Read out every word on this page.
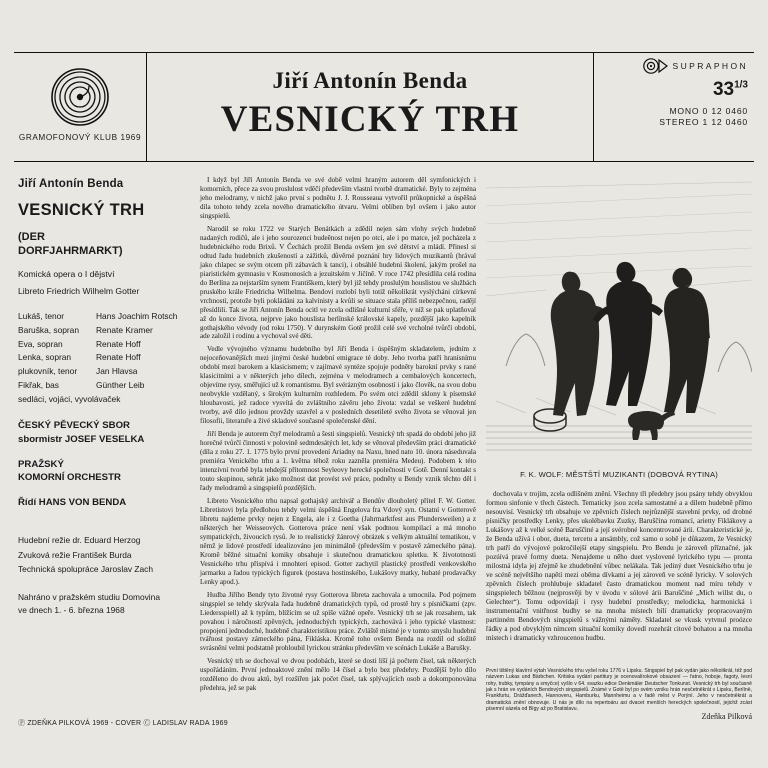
GRAMOFONOVÝ KLUB 1969
Jiří Antonín Benda
VESNICKÝ TRH
SUPRAPHON
$33^{1/3}$
MONO 0 12 0460
STEREO 1 12 0460
Jiří Antonín Benda
VESNICKÝ TRH
(DER
DORFJAHRMARKT)
Komická opera o I dějství
Libreto Friedrich Wilhelm Gotter
Lukáš, tenor	Hans Joachim Rotsch
Baruška, sopran	Renate Kramer
Eva, sopran	Renate Hoff
Lenka, sopran	Renate Hoff
plukovník, tenor	Jan Hlavsa
Fikřak, bas	Günther Leib
sedláci, vojáci, vyvolávaček
ČESKÝ PĚVECKÝ SBOR
sbormistr JOSEF VESELKA
PRAŽSKÝ
KOMORNÍ ORCHESTR
Řídí HANS VON BENDA
Hudební režie dr. Eduard Herzog
Zvuková režie František Burda
Technická spolupráce Jaroslav Zach
Nahráno v pražském studiu Domovina
ve dnech 1. - 6. března 1968
Ⓟ ZDEŇKA PILKOVÁ 1969 - COVER Ⓒ LADISLAV RADA 1969

I když byl Jiří Antonín Benda ve své době velmi hraným autorem děl symfonických i komorních, přece za svou proslulost vděčí především vlastní tvorbě dramatické. Byly to zejména jeho melodramy, v nichž jako první s podnětu J. J. Rousseaua vytvořil průkopnické a úspěšná díla tohoto tehdy zcela nového dramatického útvaru. Velmi oblíben byl ovšem i jako autor singspielů.

Narodil se roku 1722 ve Starých Benátkách a zdědil nejen sám vlohy svých hudebně nadaných rodičů, ale i jeho sourozenci budeěnost nejen po otci, ale i po matce, jež pocházela z hudebnického rodu Brixů. V Čechách prožil Benda ovšem jen své dětství a mládí. Přinesl si odtud řadu hudebních zkušeností a zážitků, důvěrné poznání hry lidových muzikantů (hrával jako chlapec se svým otcem při zábavách k tanci), i obsáhlé hudební školení, jakým prošel na piaristickém gymnasiu v Kosmonosích a jezuitském v Jičíně. V roce 1742 přesídlila celá rodina do Berlína za nejstarším synem Františkem, který byl již tehdy proslulým houslistou ve službách pruského krále Friedricha Wilhelma. Bendovi rozlobí byli totiž několikrát vyslýcháni církevní vrchností, protože byli pokládáni za kalvinisty a kvůli se situace stala příliš nebezpečnou, radějí přesídlili. Tak se Jiří Antonín Benda ocitl ve zcela odlišné kulturní sféře, v níž se pak uplatňoval až do konce života, nejprve jako houslista berlínské královské kapely, pozdější jako kapelník gothajského vévody (od roku 1750). V durynském Gotě prožil celé své vrcholné tvůrčí období, ade založil i rodinu a vychoval své děti.

Vedle vývojného významu hudebního byl Jiří Benda i úspěšným skladatelem, jedním z nejoceňovanějších mezi jinými české hudební emigrace té doby. Jeho tvorba patří hranísnímu období mezi barokem a klasicismem; v zajímavé syntéze spojuje podněty barokní prvky s rané klasicitními a v některých jeho dílech, zejména v melodramech a cembalových koncertech, objevíme rysy, směřující už k romantismu. Byl svérázným osobností i jako člověk, na svou dobu neobvykle vzdělaný, s širokým kulturním rozhledem. Po svém otci zdědil sklony k písemské hloubavosti, jež radoce vysvítá do zvláštního závěru jeho života: vzdal se veškeré hudební tvorby, avě dílo jednou provždy uzavřel a v posledních desetileté svého života se věnoval jen filosofii, literatuře a živé skladové současné společenské dění.

Jiří Benda je autorem čtyř melodramů a šesti singspielů. Vesnický trh spadá do období jeho již horečné tvůrčí činnosti v polovině sedmdesátých let, kdy se věnoval především práci dramatické (díla z roku 27. 1. 1775 bylo první provedení Ariadny na Naxu, hned nato 10. února náseduvala premiéra Venického trhu a 1. května téhož roku zazněla premiéra Medeu). Podobem k této intenzívní tvorbě byla tehdejší přítomnost Seyleovy herecké společnosti v Gotě. Denní kontakt s touto skupinou, sehrát jako možnost dat provést své práce, podněty u Bendy vznik těchto děl i řady melodramů a singspielů pozdějších.

Libreto Vesnického trhu napsal gothajský archivář a Bendův dlouholetý přítel F. W. Gotter. Libretistovi byla předlohou tehdy velmi úspěšná Engelova fra Vdový syn. Ostatní v Gotterově libretu najdeme prvky nejen z Engela, ale i z Goetha (Jahrmarktfest aus Plundersweilen) a z některých her Weisseových. Gotterova práce není však podtnou kompilací a má mnoho sympatických, živoucích rysů. Je to realistický žánrový obrázek s velkým aktuální tematikou, v němž je lidové prostředí idealizováno jen minimálně (především v postavě zámeckého pána). Kromě běžné situační komiky obsahuje i skutečnou dramatickou spletku. K živototnosti Vesnického trhu přispívá i mnohteri episod. Gotter zachytil plastický prostředí venkovského jarmarku a řadou typických figurek (postava hostinského, Lukášovy matky, hubaté prodavačky Lenky apod.).

Hudba Jiřího Bendy tyto životné rysy Gotterova libreta zachovala a umocnila. Pod pojmem singspiel se tehdy skrývala řada hudebně dramatických typů, od prostě hry s písničkami (zpv. Liedersspiell) až k typům, blížícím se už spíše vážné opeře. Vesnický trh se jak rozsahem, tak povahou i náročností zpěvných, jednoduchých typických, zachovává i jeho typické vlastnost: propojení jednoduché, hudebně charakteristikou práce. Zvláště místné je v tomto smyslu hudební tvářnost postavy zámeckého pána, Fikláska. Kromě toho ovšem Benda na rozdíl od složitě svrásnění velmi podstatně prohloubil lyrickou stránku především ve scénách Lukáše a Barušky.

Vesnický trh se dochoval ve dvou podobách, které se dosti líší já počtem čísel, tak některých uspořádáním. První jednoaktové znění mělo 14 čísel a bylo bez předehry. Pozdější bylo dílo rozděleno do dvou aktů, byl rozšířen jak počet čísel, tak splývajících osob a dokomponována předehra, jež se pak

F. K. WOLF: MĚSTŠTÍ MUZIKANTI (DOBOVÁ RYTINA)

dochovala v trojím, zcela odlišném znění. Všechny tři předehry jsou psány tehdy obvyklou formou sinfonie v třech částech. Tematicky jsou zcela samostatné a a dílem hudebně přímo nesouvisí. Vesnický trh obsahuje ve zpěvních číslech nejrůznější stavební prvky, od drobné písničky prostředky Lenky, přes ukolébavku Zuzky, Baruščina romancí, arietty Fiklákovy a Lukášovy až k velké scéně Baruščiné a její svérobné koncentrované árii. Charakteristické je, že Benda užívá i obor, dueta, tercetu a ansámbly, což samo o sobě je důkazem, že Vesnický trh patří do vývojové pokročilejší etapy singspielu. Pro Bendu je zároveň příznačné, jak pozúívá pravé formy dueta. Nenajdeme u něho duet vyslovené lyrického typu — pronta milostná idyla jej zřejmě ke zhudebnění vůbec nelákala. Tak jediný duet Vesnického trhu je ve scéně největšího napětí mezi oběma dívkami a jej zároveň ve scéně lyricky. V solových zpěvních číslech prohlubuje skladatel často dramatickou moment nad míru tehdy v singspielech běžnou (nejprosvěji by v úvodu v sólové árii Baruščiné „Mich willst du, o Gelechter“). Tomu odpovídají i rysy hudební prostředky; melodicka, harmonická i instrumentační vnitřnost budhy se na mnoha místech bílí dramaticky propracovaným partinném Bendových singspielů s vážnými náměty. Skladatel se vkusk vytvnul proózce řádky a pod obvyklým nímcem situační komiky dovedl rozehrát citové bohatou a na mnoha místech i dramaticky vzhroucenou hudbu.

První tištěný klavírní výtah Vesnického trhu vyšel roku 1776 v Lipsku. Singspiel byl pak vydán jako několikrát, též pod názvem Lukas und Bärbchen. Kritiska vydání partitury je ocenovalírokové obsazení — řatno, hoboje, fagoty, lesní rohy, trubky, tympány a smyčce) vyšlo v 64. svazku edice Denkmäler Deutscher Tonkunst. Vesnický trh byl současně jak s hrán ve vydáních Bendových singspielů. Známé v Gotě byl po svém vzniku hrán nesčetněkrát v Lipsku, Berlíně, Frankfurtu, Drážďanech, Hannoveru, Hamburku, Mannheimu a v řadě měst v Porýní. Jeho v nesčetněkrát a dramatická znění obnovuje. U nás je dílo na repertoáru asi dvacet menších hereckých společností, jejichž zcást písemní sázela od Bígy až po Bratislavu.
Zdeňka Pilková
